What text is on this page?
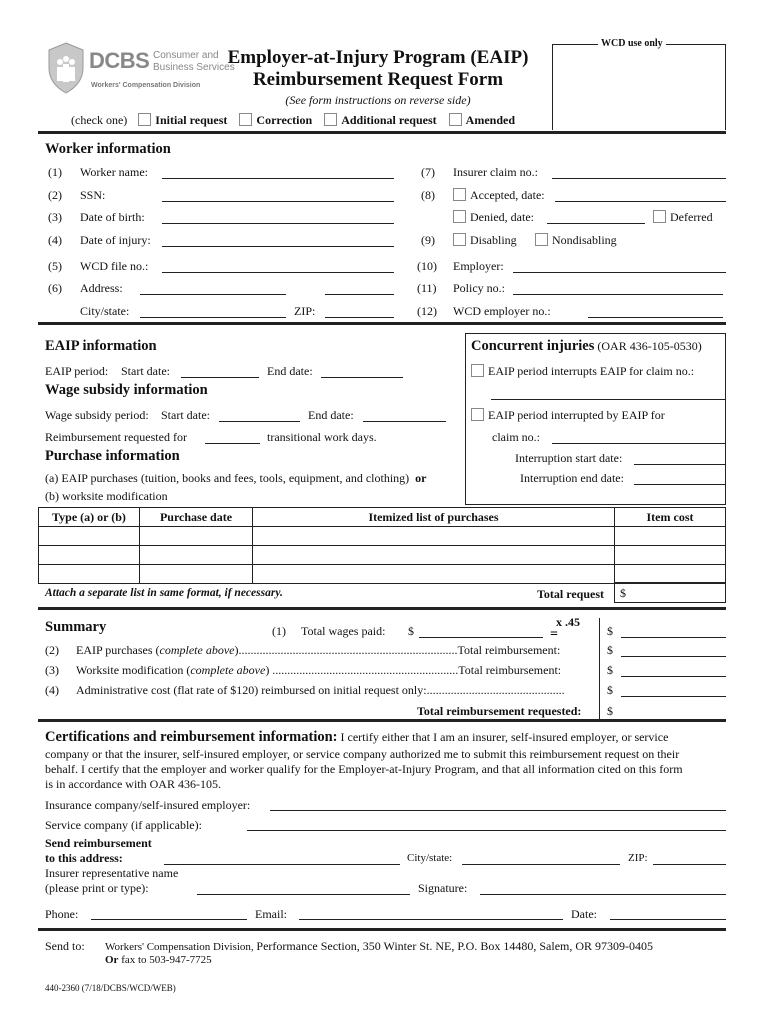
DCBS Consumer and
Business Services
Workers' Compensation Division
Employer-at-Injury Program (EAIP)
Reimbursement Request Form
(See form instructions on reverse side)
WCD use only
(check one) Initial request Correction Additional request Amended
Worker information
(1) Worker name:
(2) SSN:
(3) Date of birth:
(4) Date of injury:
(5) WCD file no.:
(6) Address:
City/state:	ZIP:
(7) Insurer claim no.:
(8)	Accepted, date:
Denied, date:	Deferred
(9)	Disabling	Nondisabling
(10) Employer:
(11) Policy no.:
(12) WCD employer no.:
EAIP information
EAIP period: Start date:	End date:
Concurrent injuries (OAR 436-105-0530)
EAIP period interrupts EAIP for claim no.:
EAIP period interrupted by EAIP for
claim no.:
Interruption start date:
Interruption end date:
Wage subsidy information
Wage subsidy period: Start date:	End date:
Reimbursement requested for	transitional work days.
Purchase information
(a) EAIP purchases (tuition, books and fees, tools, equipment, and clothing) or
(b) worksite modification
Type (a) or (b)	Purchase date	Itemized list of purchases	Item cost

Attach a separate list in same format, if necessary.	Total request $
Summary	(1) Total wages paid: $
x .45
=	$
(2) EAIP purchases (complete above).........................................................................Total reimbursement:	$
(3) Worksite modification (complete above) ..............................................................Total reimbursement:	$
(4) Administrative cost (flat rate of $120) reimbursed on initial request only:..............................................	$
Total reimbursement requested: $
Certifications and reimbursement information: I certify either that I am an insurer, self-insured employer, or service
company or that the insurer, self-insured employer, or service company authorized me to submit this reimbursement request on their
behalf. I certify that the employer and worker qualify for the Employer-at-Injury Program, and that all information cited on this form
is in accordance with OAR 436-105.
Insurance company/self-insured employer:
Service company (if applicable):
Send reimbursement
to this address:	City/state:	ZIP:
Insurer representative name
(please print or type):	Signature:
Phone:	Email:	Date:
Send to: Workers' Compensation Division, Performance Section, 350 Winter St. NE, P.O. Box 14480, Salem, OR 97309-0405
Or fax to 503-947-7725
440-2360 (7/18/DCBS/WCD/WEB)
